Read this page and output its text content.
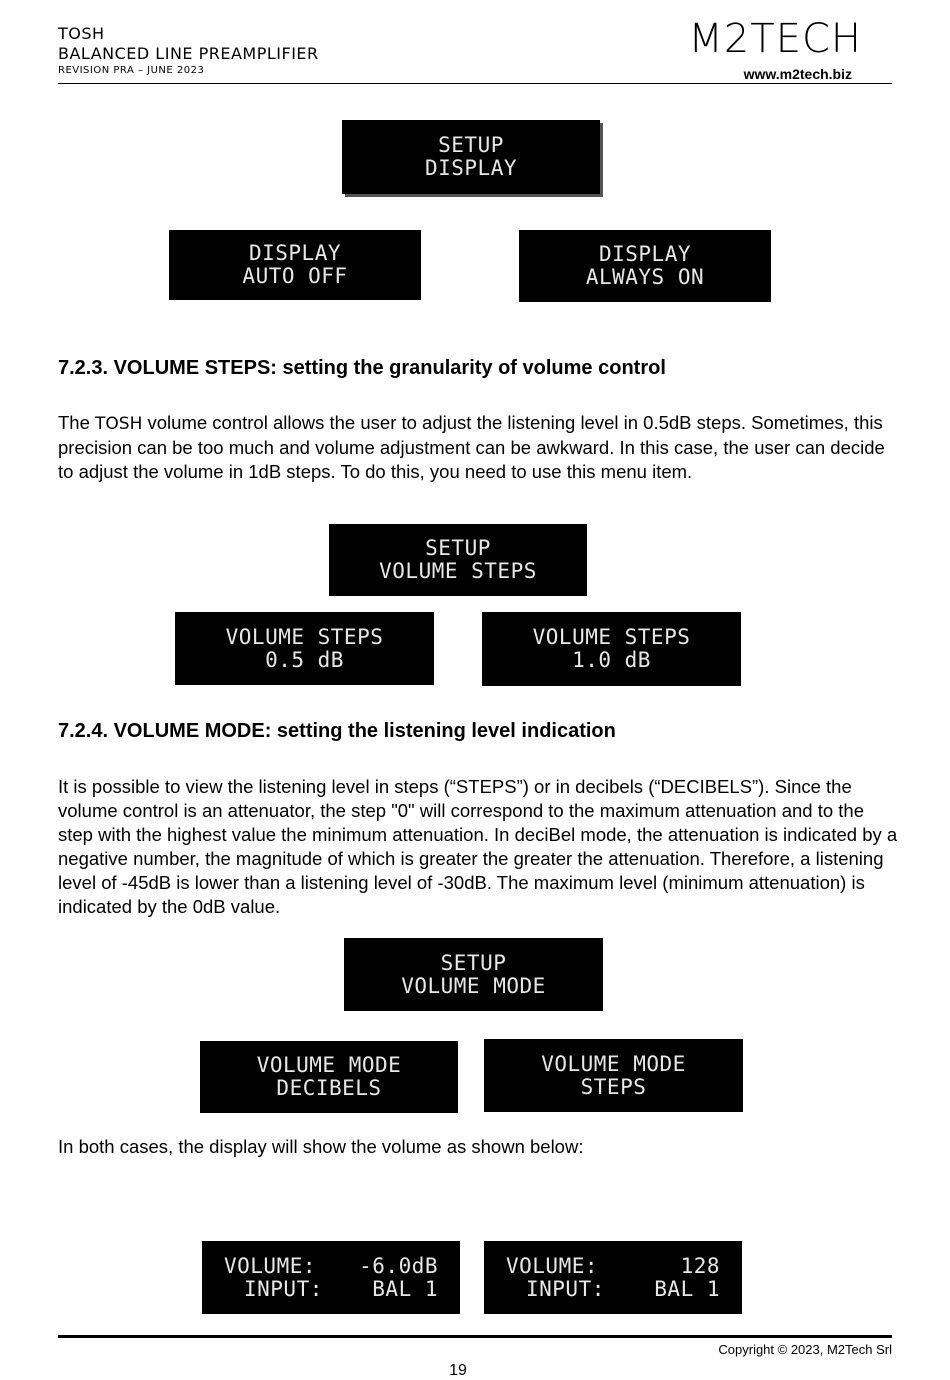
TOSH
BALANCED LINE PREAMPLIFIER
REVISION PRA – JUNE 2023
M2TECH
www.m2tech.biz
SETUP
DISPLAY
DISPLAY
AUTO OFF
DISPLAY
ALWAYS ON
7.2.3. VOLUME STEPS: setting the granularity of volume control

The TOSH volume control allows the user to adjust the listening level in 0.5dB steps. Sometimes, this precision can be too much and volume adjustment can be awkward. In this case, the user can decide to adjust the volume in 1dB steps. To do this, you need to use this menu item.

SETUP
VOLUME STEPS
VOLUME STEPS
0.5 dB
VOLUME STEPS
1.0 dB
7.2.4. VOLUME MODE: setting the listening level indication

It is possible to view the listening level in steps (“STEPS”) or in decibels (“DECIBELS”). Since the volume control is an attenuator, the step "0" will correspond to the maximum attenuation and to the step with the highest value the minimum attenuation. In deciBel mode, the attenuation is indicated by a negative number, the magnitude of which is greater the greater the attenuation. Therefore, a listening level of -45dB is lower than a listening level of -30dB. The maximum level (minimum attenuation) is indicated by the 0dB value.

SETUP
VOLUME MODE
VOLUME MODE
DECIBELS
VOLUME MODE
STEPS

In both cases, the display will show the volume as shown below:

VOLUME: -6.0dB
INPUT: BAL 1
VOLUME:	128
INPUT: BAL 1
Copyright © 2023, M2Tech Srl
19
